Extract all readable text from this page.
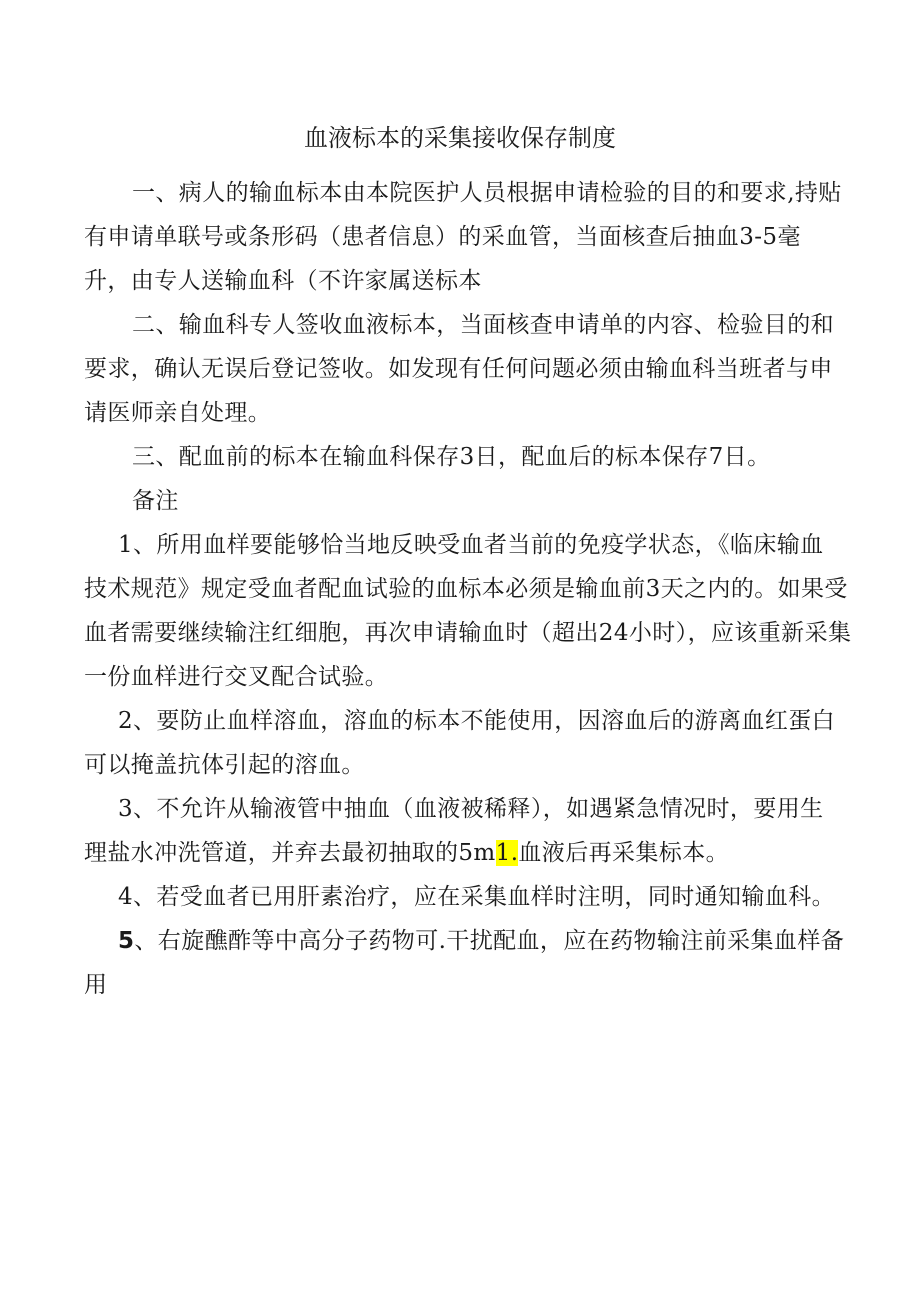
血液标本的采集接收保存制度
一、病人的输血标本由本院医护人员根据申请检验的目的和要求,持贴
有申请单联号或条形码（患者信息）的采血管，当面核查后抽血3-5毫
升，由专人送输血科（不许家属送标本
二、输血科专人签收血液标本，当面核查申请单的内容、检验目的和
要求，确认无误后登记签收。如发现有任何问题必须由输血科当班者与申
请医师亲自处理。
三、配血前的标本在输血科保存3日，配血后的标本保存7日。
备注
1、所用血样要能够恰当地反映受血者当前的免疫学状态，《临床输血
技术规范》规定受血者配血试验的血标本必须是输血前3天之内的。如果受
血者需要继续输注红细胞，再次申请输血时（超出24小时），应该重新采集
一份血样进行交叉配合试验。
2、要防止血样溶血，溶血的标本不能使用，因溶血后的游离血红蛋白
可以掩盖抗体引起的溶血。
3、不允许从输液管中抽血（血液被稀释），如遇紧急情况时，要用生
理盐水冲洗管道，并弃去最初抽取的5m1.血液后再采集标本。
4、若受血者已用肝素治疗，应在采集血样时注明，同时通知输血科。
5、右旋醮酢等中高分子药物可.干扰配血，应在药物输注前采集血样备
用
